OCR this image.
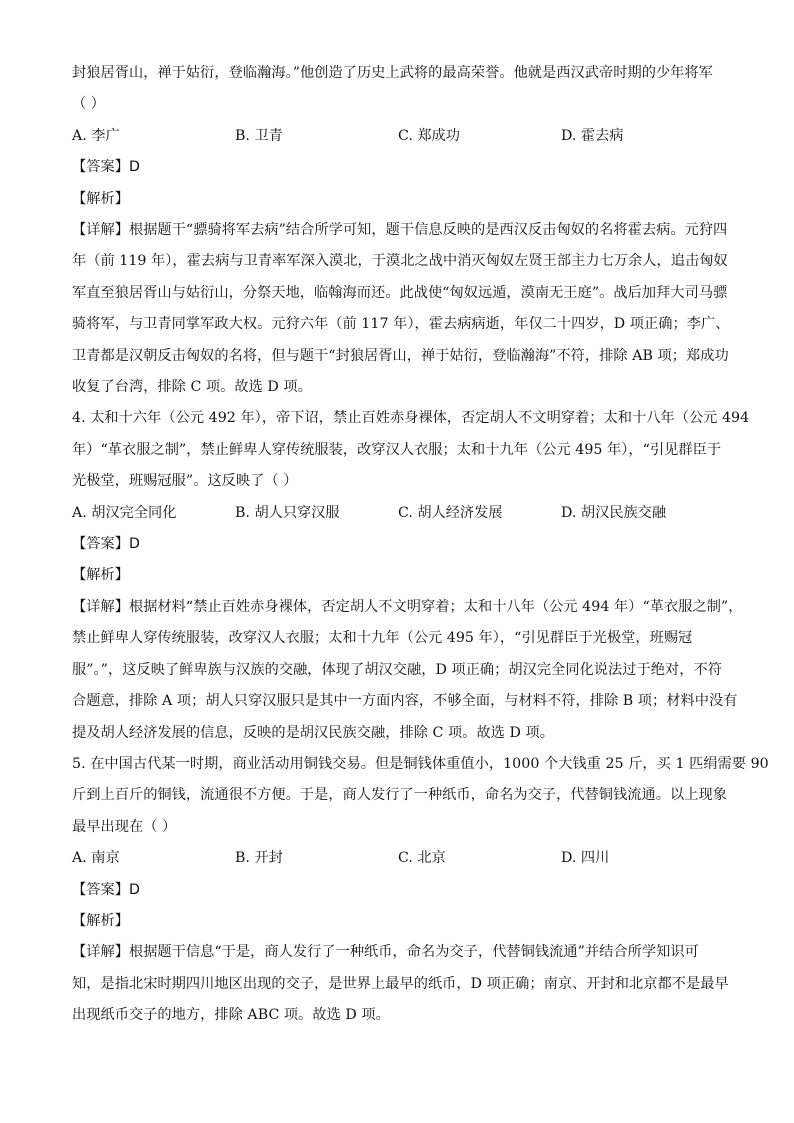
封狼居胥山，禅于姑衍，登临瀚海。”他创造了历史上武将的最高荣誉。他就是西汉武帝时期的少年将军

（ ）

A. 李广	B. 卫青	C. 郑成功	D. 霍去病

【答案】D

【解析】

【详解】根据题干“骠骑将军去病”结合所学可知，题干信息反映的是西汉反击匈奴的名将霍去病。元狩四

年（前 119 年），霍去病与卫青率军深入漠北，于漠北之战中消灭匈奴左贤王部主力七万余人，追击匈奴

军直至狼居胥山与姑衍山，分祭天地，临翰海而还。此战使“匈奴远遁，漠南无王庭”。战后加拜大司马骠

骑将军，与卫青同掌军政大权。元狩六年（前 117 年），霍去病病逝，年仅二十四岁，D 项正确；李广、

卫青都是汉朝反击匈奴的名将，但与题干“封狼居胥山，禅于姑衍，登临瀚海”不符，排除 AB 项；郑成功

收复了台湾，排除 C 项。故选 D 项。

4. 太和十六年（公元 492 年），帝下诏，禁止百姓赤身裸体，否定胡人不文明穿着；太和十八年（公元 494

年）“革衣服之制”，禁止鲜卑人穿传统服装，改穿汉人衣服；太和十九年（公元 495 年），“引见群臣于

光极堂，班赐冠服”。这反映了（ ）

A. 胡汉完全同化	B. 胡人只穿汉服	C. 胡人经济发展	D. 胡汉民族交融

【答案】D

【解析】

【详解】根据材料“禁止百姓赤身裸体，否定胡人不文明穿着；太和十八年（公元 494 年）“革衣服之制”，

禁止鲜卑人穿传统服装，改穿汉人衣服；太和十九年（公元 495 年），“引见群臣于光极堂，班赐冠

服”。”，这反映了鲜卑族与汉族的交融，体现了胡汉交融，D 项正确；胡汉完全同化说法过于绝对，不符

合题意，排除 A 项；胡人只穿汉服只是其中一方面内容，不够全面，与材料不符，排除 B 项；材料中没有

提及胡人经济发展的信息，反映的是胡汉民族交融，排除 C 项。故选 D 项。

5. 在中国古代某一时期，商业活动用铜钱交易。但是铜钱体重值小，1000 个大钱重 25 斤，买 1 匹绢需要 90

斤到上百斤的铜钱，流通很不方便。于是，商人发行了一种纸币，命名为交子，代替铜钱流通。以上现象

最早出现在（ ）

A. 南京	B. 开封	C. 北京	D. 四川

【答案】D

【解析】

【详解】根据题干信息“于是，商人发行了一种纸币，命名为交子，代替铜钱流通”并结合所学知识可

知，是指北宋时期四川地区出现的交子，是世界上最早的纸币，D 项正确；南京、开封和北京都不是最早

出现纸币交子的地方，排除 ABC 项。故选 D 项。
